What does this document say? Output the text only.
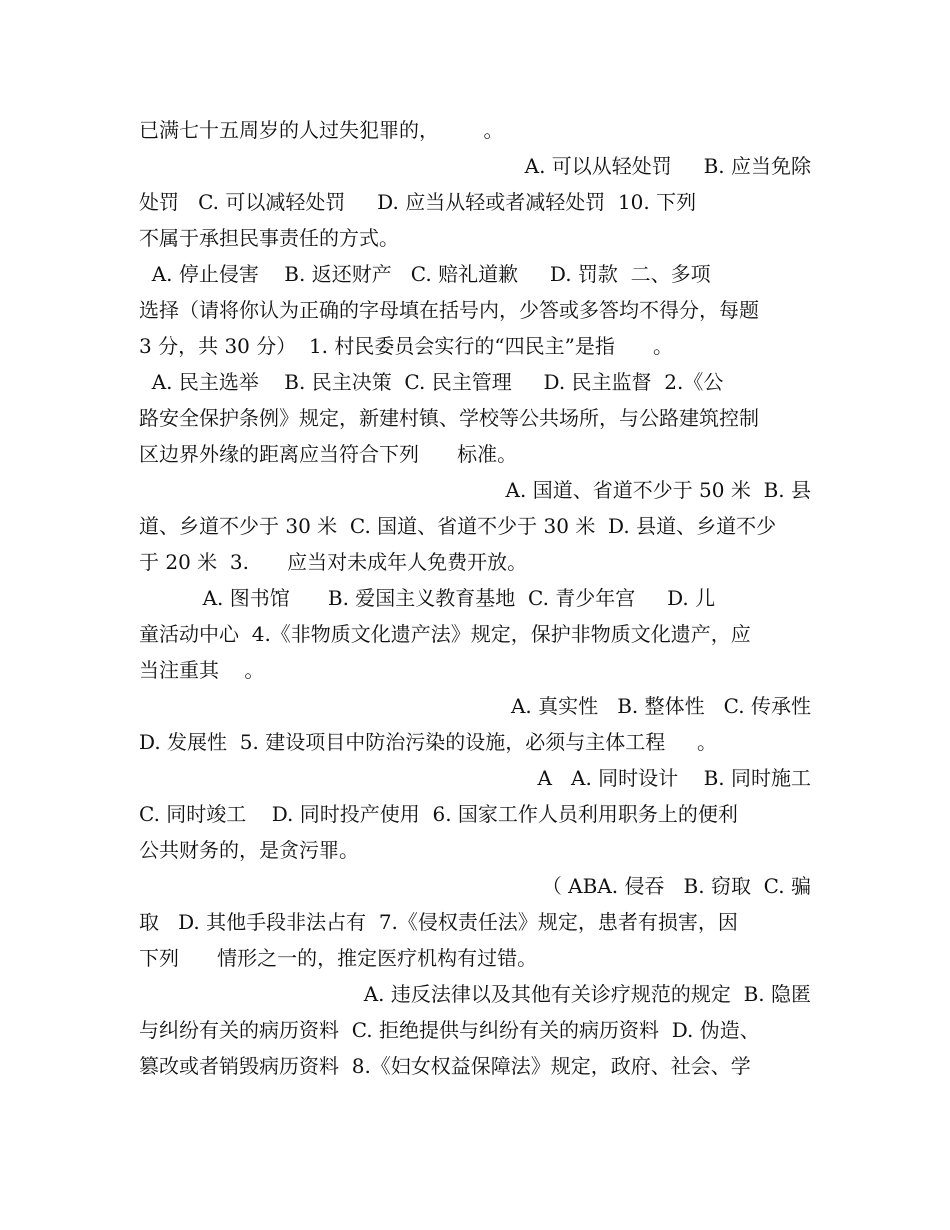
已满七十五周岁的人过失犯罪的，       。
A. 可以从轻处罚     B. 应当免除
处罚   C. 可以减轻处罚     D. 应当从轻或者减轻处罚  10. 下列
不属于承担民事责任的方式。
A. 停止侵害    B. 返还财产   C. 赔礼道歉     D. 罚款  二、多项
选择（请将你认为正确的字母填在括号内，少答或多答均不得分，每题
3 分，共 30 分）  1. 村民委员会实行的“四民主”是指      。
A. 民主选举    B. 民主决策  C. 民主管理     D. 民主监督  2.《公
路安全保护条例》规定，新建村镇、学校等公共场所，与公路建筑控制
区边界外缘的距离应当符合下列      标准。
A. 国道、省道不少于 50 米  B. 县
道、乡道不少于 30 米  C. 国道、省道不少于 30 米  D. 县道、乡道不少
于 20 米  3.      应当对未成年人免费开放。
A. 图书馆      B. 爱国主义教育基地  C. 青少年宫     D. 儿
童活动中心  4.《非物质文化遗产法》规定，保护非物质文化遗产，应
当注重其    。
A. 真实性   B. 整体性   C. 传承性
D. 发展性  5. 建设项目中防治污染的设施，必须与主体工程     。
A   A. 同时设计    B. 同时施工
C. 同时竣工    D. 同时投产使用  6. 国家工作人员利用职务上的便利
公共财务的，是贪污罪。
（ ABA. 侵吞   B. 窃取  C. 骗
取   D. 其他手段非法占有  7.《侵权责任法》规定，患者有损害，因
下列      情形之一的，推定医疗机构有过错。
A. 违反法律以及其他有关诊疗规范的规定  B. 隐匿
与纠纷有关的病历资料  C. 拒绝提供与纠纷有关的病历资料  D. 伪造、
篡改或者销毁病历资料  8.《妇女权益保障法》规定，政府、社会、学
